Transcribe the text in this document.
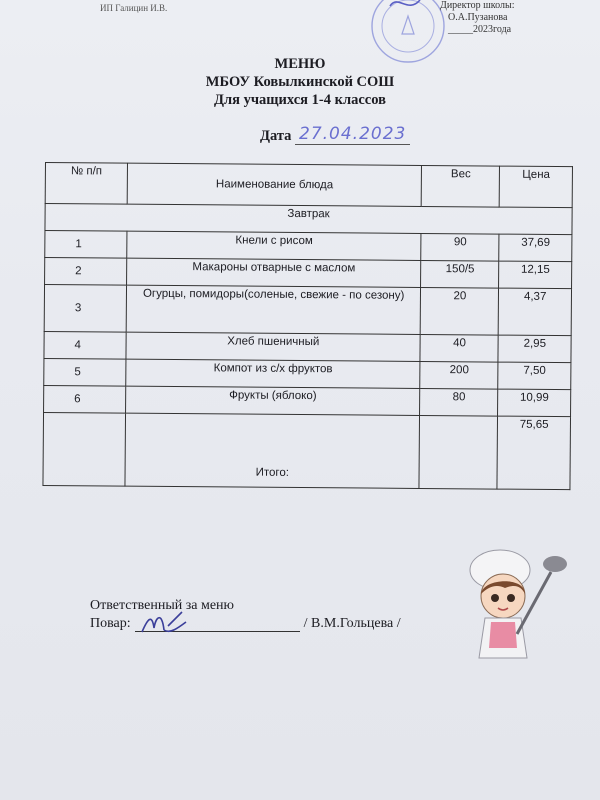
ИП Галицин И.В.	Директор школы:
О.А.Пузанова
_____2023года
МЕНЮ
МБОУ Ковылкинской СОШ
Для учащихся 1-4 классов
Дата 27.04.2023
№ п/п	Наименование блюда	Вес	Цена
Завтрак			
1	Кнели с рисом	90	37,69
2	Макароны отварные с маслом	150/5	12,15
3	Огурцы, помидоры(соленые, свежие - по сезону)	20	4,37
4	Хлеб пшеничный	40	2,95
5	Компот из с/х фруктов	200	7,50
6	Фрукты (яблоко)	80	10,99
	Итого:		75,65
Ответственный за меню
Повар:	/ В.М.Гольцева /
